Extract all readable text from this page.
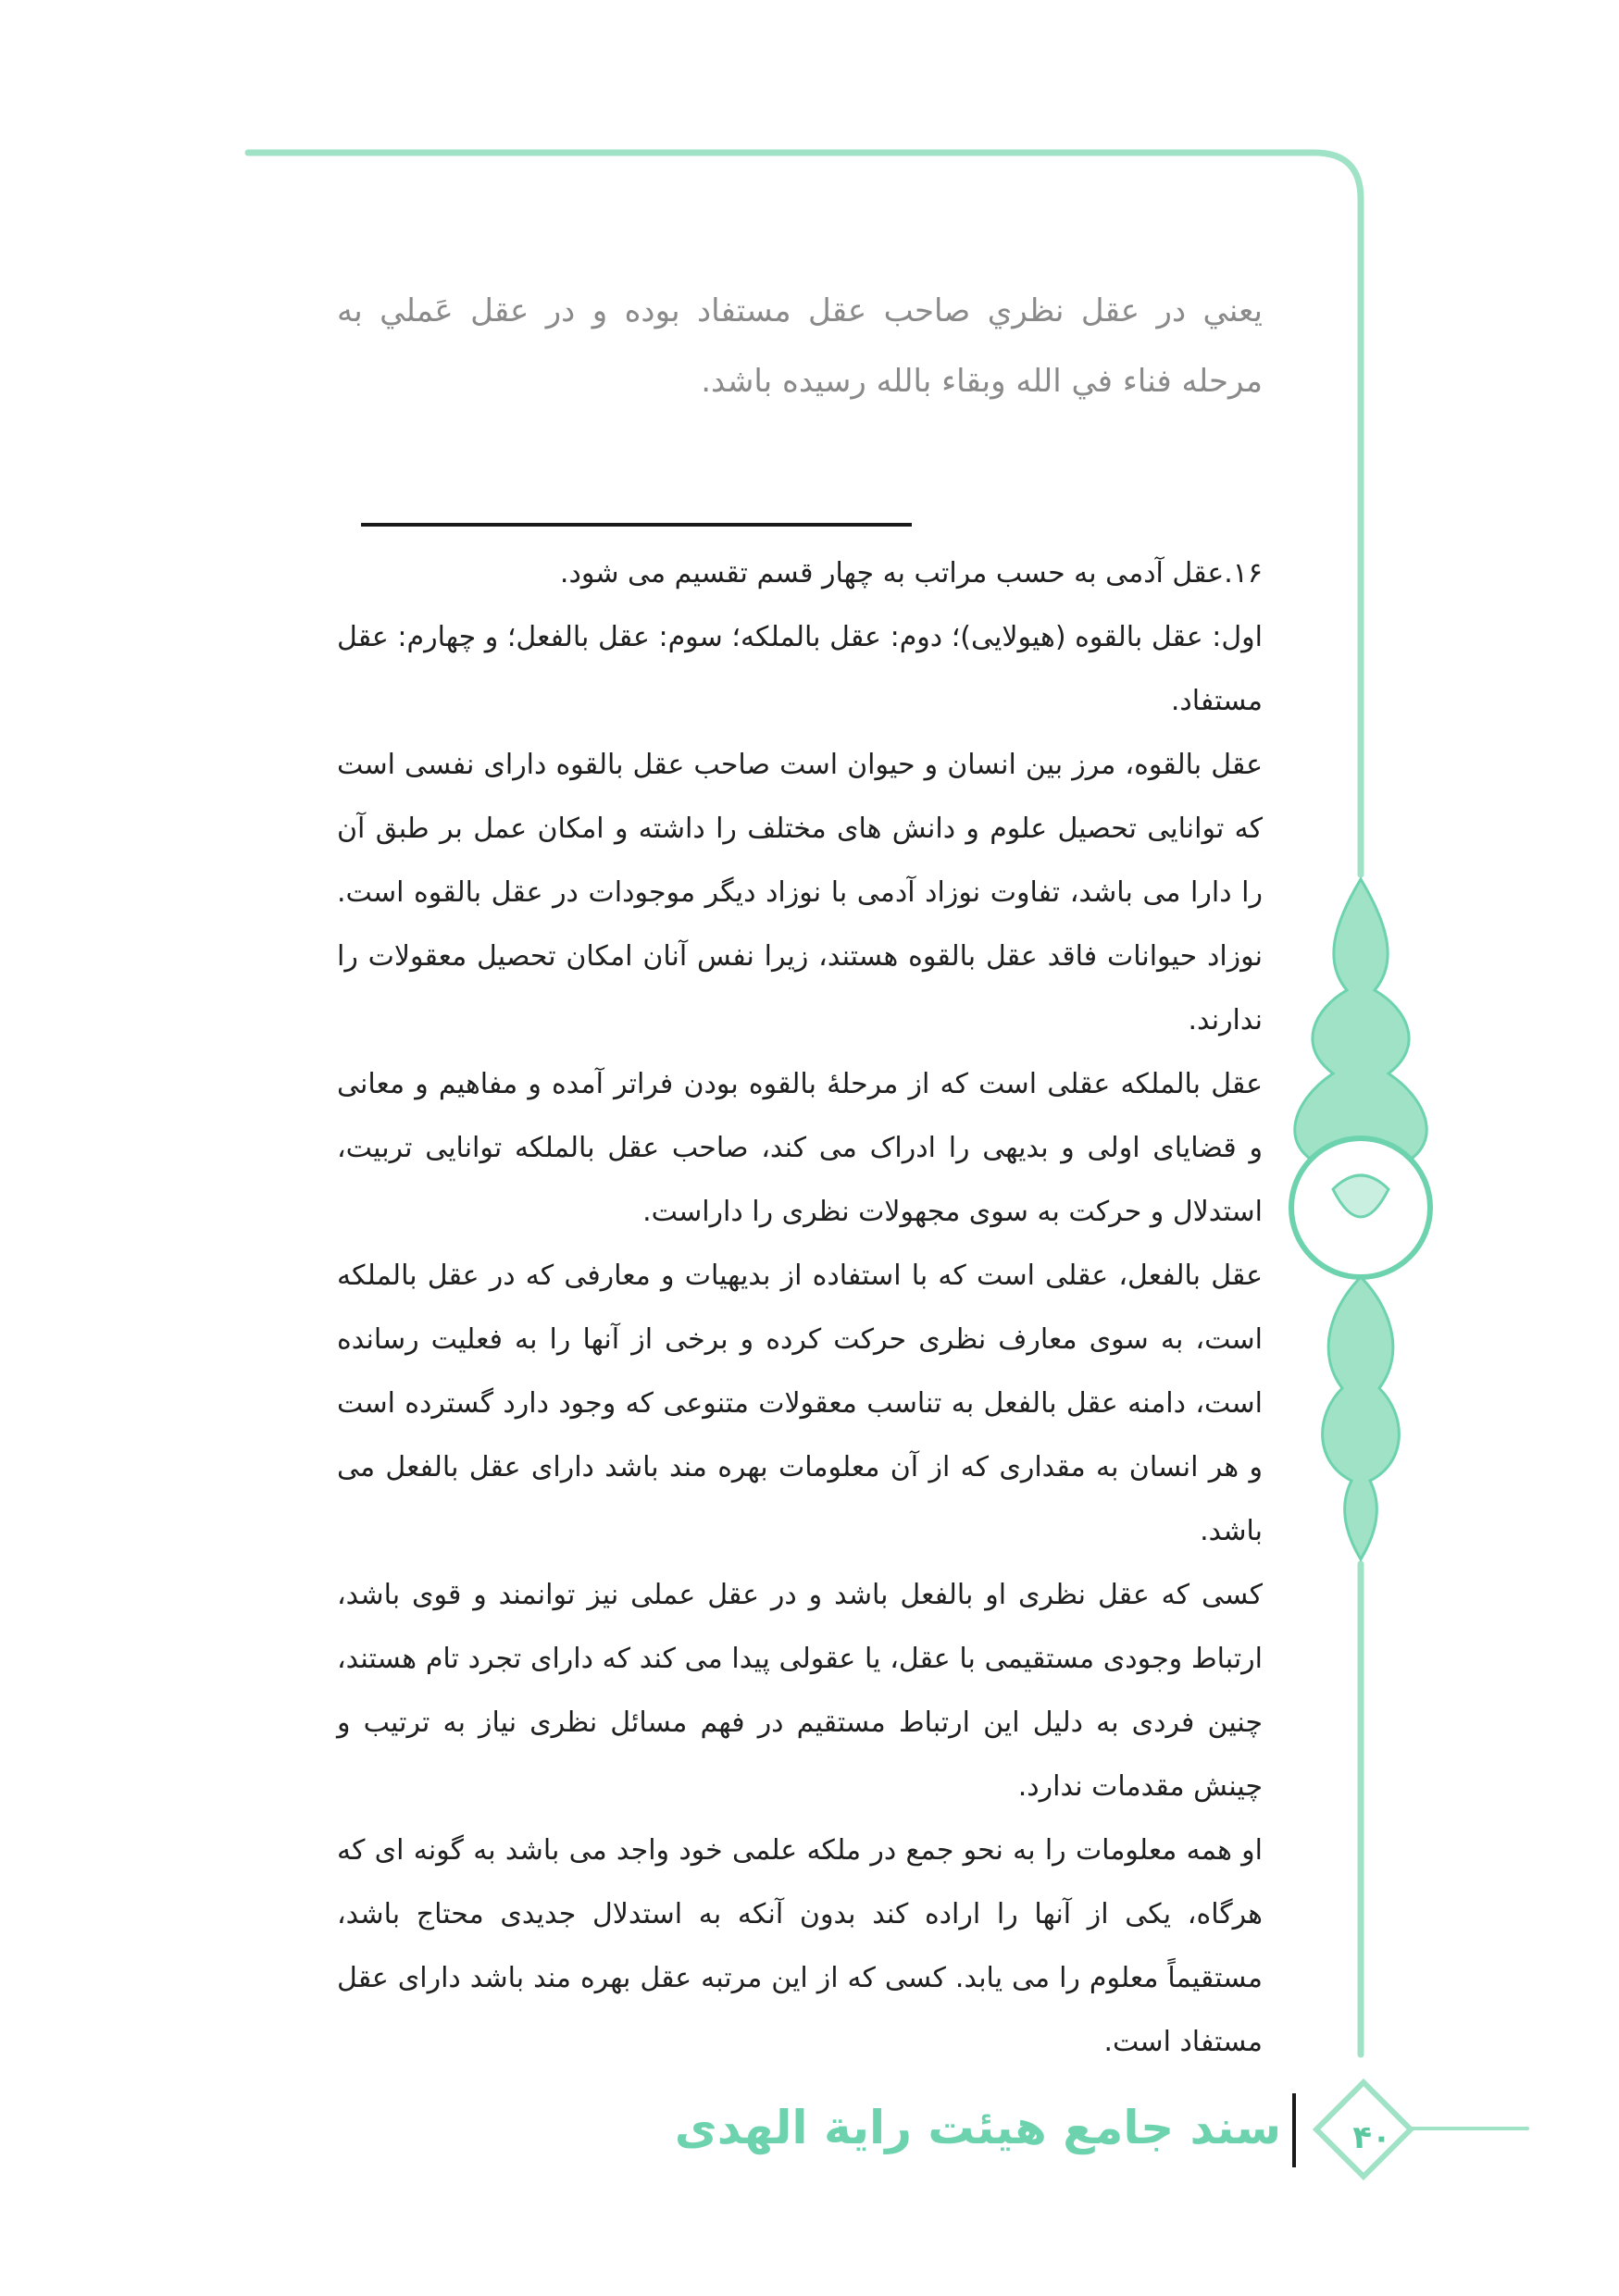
يعني در عقل نظري صاحب عقل مستفاد بوده و در عقل عَملي به مرحله فناء في الله وبقاء بالله رسيده باشد.

۱۶.عقل آدمی به حسب مراتب به چهار قسم تقسیم می شود.

اول: عقل بالقوه (هیولایی)؛ دوم: عقل بالملکه؛ سوم: عقل بالفعل؛ و چهارم: عقل مستفاد.

عقل بالقوه، مرز بین انسان و حیوان است صاحب عقل بالقوه دارای نفسی است که توانایی تحصیل علوم و دانش های مختلف را داشته و امکان عمل بر طبق آن را دارا می باشد، تفاوت نوزاد آدمی با نوزاد دیگر موجودات در عقل بالقوه است. نوزاد حیوانات فاقد عقل بالقوه هستند، زیرا نفس آنان امکان تحصیل معقولات را ندارند.

عقل بالملکه عقلی است که از مرحلۀ بالقوه بودن فراتر آمده و مفاهیم و معانی و قضایای اولی و بدیهی را ادراک می کند، صاحب عقل بالملکه توانایی تربیت، استدلال و حرکت به سوی مجهولات نظری را داراست.

عقل بالفعل، عقلی است که با استفاده از بدیهیات و معارفی که در عقل بالملکه است، به سوی معارف نظری حرکت کرده و برخی از آنها را به فعلیت رسانده است، دامنه عقل بالفعل به تناسب معقولات متنوعی که وجود دارد گسترده است و هر انسان به مقداری که از آن معلومات بهره مند باشد دارای عقل بالفعل می باشد.

کسی که عقل نظری او بالفعل باشد و در عقل عملی نیز توانمند و قوی باشد، ارتباط وجودی مستقیمی با عقل، یا عقولی پیدا می کند که دارای تجرد تام هستند، چنین فردی به دلیل این ارتباط مستقیم در فهم مسائل نظری نیاز به ترتیب و چینش مقدمات ندارد.

او همه معلومات را به نحو جمع در ملکه علمی خود واجد می باشد به گونه ای که هرگاه، یکی از آنها را اراده کند بدون آنکه به استدلال جدیدی محتاج باشد، مستقیماً معلوم را می یابد. کسی که از این مرتبه عقل بهره مند باشد دارای عقل مستفاد است.

سند جامع هیئت رایة الهدی	۴۰
